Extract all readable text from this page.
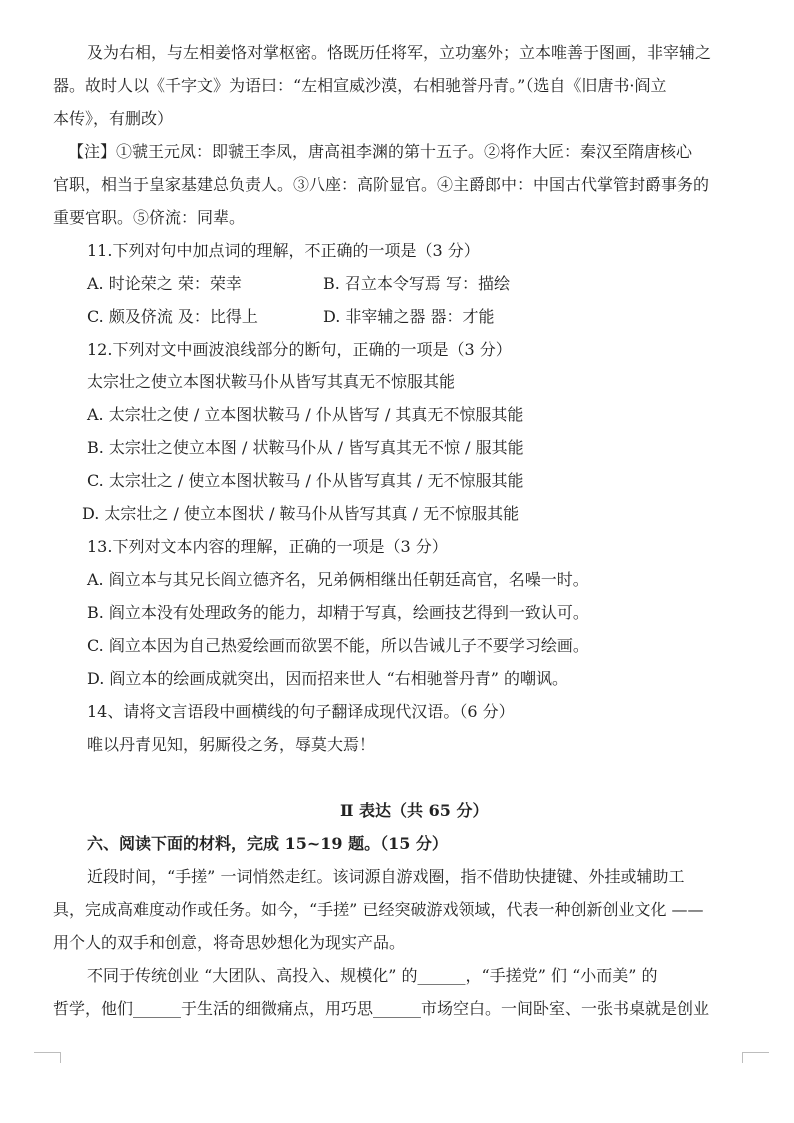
及为右相，与左相姜恪对掌枢密。恪既历任将军，立功塞外；立本唯善于图画，非宰辅之
器。故时人以《千字文》为语曰：“左相宣威沙漠，右相驰誉丹青。”（选自《旧唐书·阎立
本传》，有删改）
【注】①虢王元凤：即虢王李凤，唐高祖李渊的第十五子。②将作大匠：秦汉至隋唐核心
官职，相当于皇家基建总负责人。③八座：高阶显官。④主爵郎中：中国古代掌管封爵事务的
重要官职。⑤侪流：同辈。
11.下列对句中加点词的理解，不正确的一项是（3 分）
A. 时论荣之 荣：荣幸	B. 召立本令写焉 写：描绘
C. 颇及侪流 及：比得上	D. 非宰辅之器 器：才能
12.下列对文中画波浪线部分的断句，正确的一项是（3 分）
太宗壮之使立本图状鞍马仆从皆写其真无不惊服其能
A. 太宗壮之使 / 立本图状鞍马 / 仆从皆写 / 其真无不惊服其能
B. 太宗壮之使立本图 / 状鞍马仆从 / 皆写真其无不惊 / 服其能
C. 太宗壮之 / 使立本图状鞍马 / 仆从皆写真其 / 无不惊服其能
D. 太宗壮之 / 使立本图状 / 鞍马仆从皆写其真 / 无不惊服其能
13.下列对文本内容的理解，正确的一项是（3 分）
A. 阎立本与其兄长阎立德齐名，兄弟俩相继出任朝廷高官，名噪一时。
B. 阎立本没有处理政务的能力，却精于写真，绘画技艺得到一致认可。
C. 阎立本因为自己热爱绘画而欲罢不能，所以告诫儿子不要学习绘画。
D. 阎立本的绘画成就突出，因而招来世人 “右相驰誉丹青” 的嘲讽。
14、请将文言语段中画横线的句子翻译成现代汉语。（6 分）
唯以丹青见知，躬厮役之务，辱莫大焉！
Ⅱ 表达（共 65 分）
六、阅读下面的材料，完成 15~19 题。（15 分）
近段时间，“手搓” 一词悄然走红。该词源自游戏圈，指不借助快捷键、外挂或辅助工
具，完成高难度动作或任务。如今，“手搓” 已经突破游戏领域，代表一种创新创业文化 ——
用个人的双手和创意，将奇思妙想化为现实产品。
不同于传统创业 “大团队、高投入、规模化” 的______，“手搓党” 们 “小而美” 的
哲学，他们______于生活的细微痛点，用巧思______市场空白。一间卧室、一张书桌就是创业
